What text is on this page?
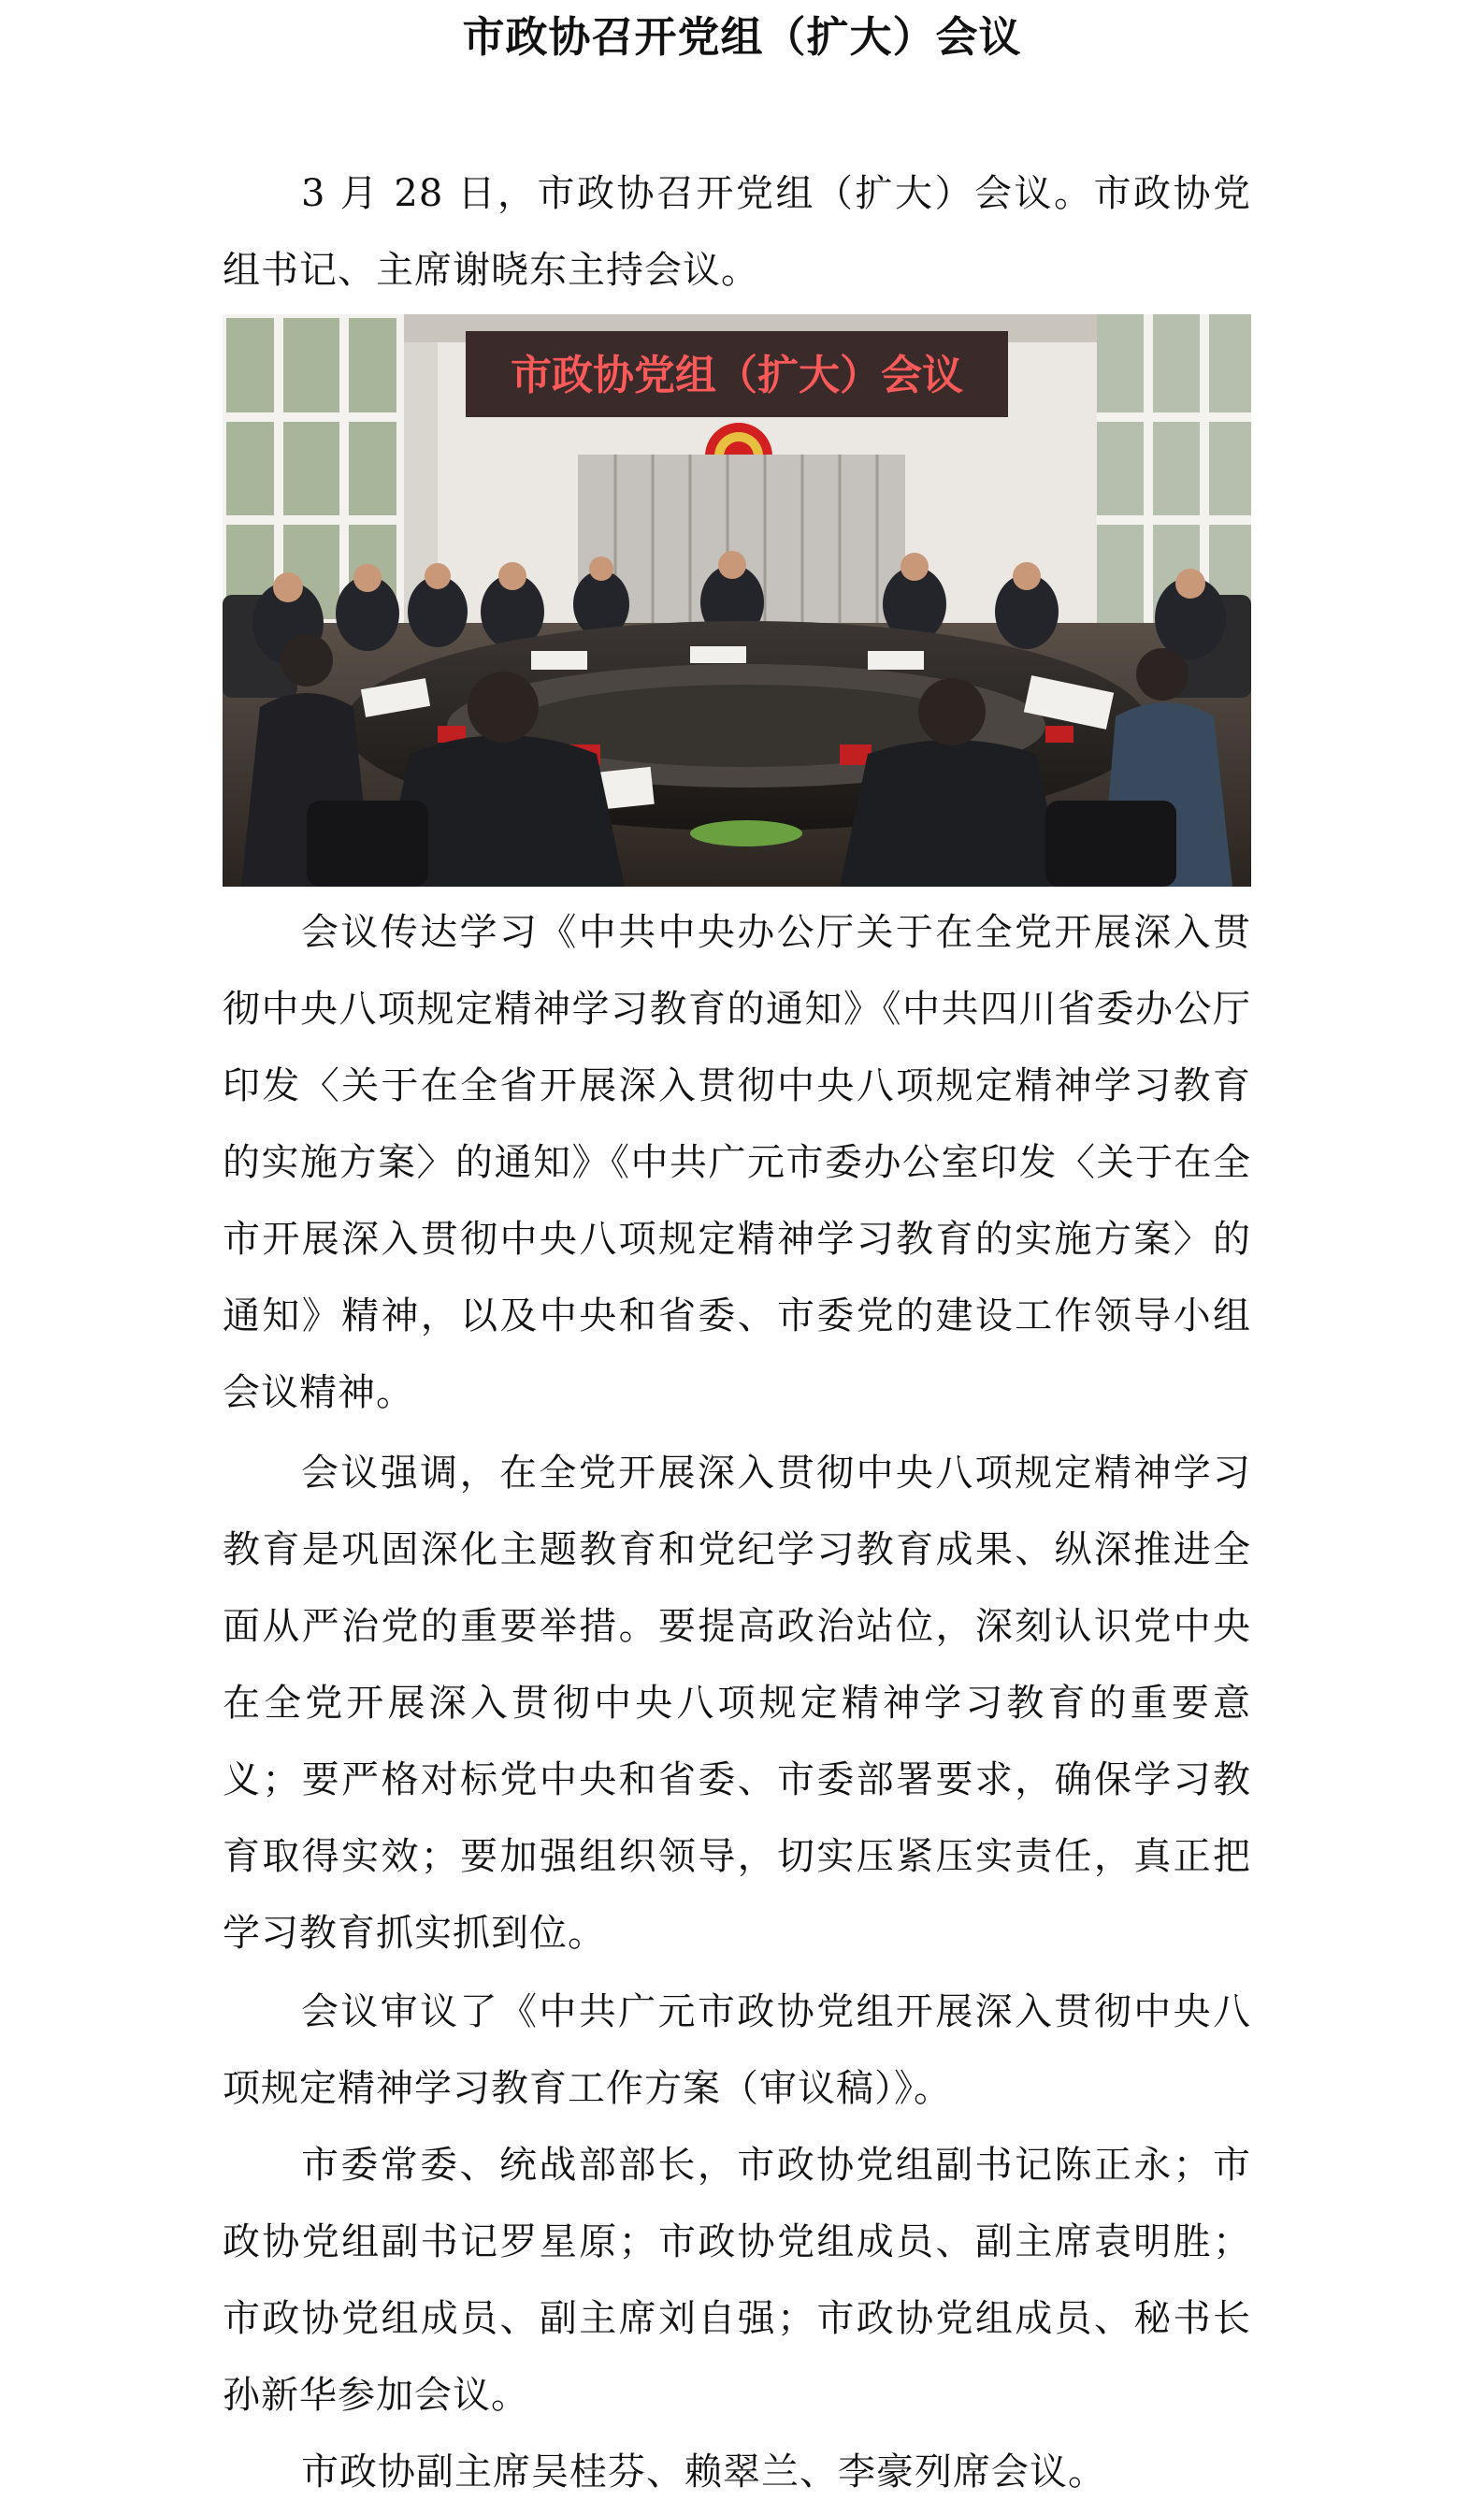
市政协召开党组（扩大）会议

3 月 28 日，市政协召开党组（扩大）会议。市政协党组书记、主席谢晓东主持会议。

市政协党组（扩大）会议

会议传达学习《中共中央办公厅关于在全党开展深入贯彻中央八项规定精神学习教育的通知》《中共四川省委办公厅印发〈关于在全省开展深入贯彻中央八项规定精神学习教育的实施方案〉的通知》《中共广元市委办公室印发〈关于在全市开展深入贯彻中央八项规定精神学习教育的实施方案〉的通知》精神，以及中央和省委、市委党的建设工作领导小组会议精神。

会议强调，在全党开展深入贯彻中央八项规定精神学习教育是巩固深化主题教育和党纪学习教育成果、纵深推进全面从严治党的重要举措。要提高政治站位，深刻认识党中央在全党开展深入贯彻中央八项规定精神学习教育的重要意义；要严格对标党中央和省委、市委部署要求，确保学习教育取得实效；要加强组织领导，切实压紧压实责任，真正把学习教育抓实抓到位。

会议审议了《中共广元市政协党组开展深入贯彻中央八项规定精神学习教育工作方案（审议稿）》。

市委常委、统战部部长，市政协党组副书记陈正永；市政协党组副书记罗星原；市政协党组成员、副主席袁明胜；市政协党组成员、副主席刘自强；市政协党组成员、秘书长孙新华参加会议。

市政协副主席吴桂芬、赖翠兰、李豪列席会议。
